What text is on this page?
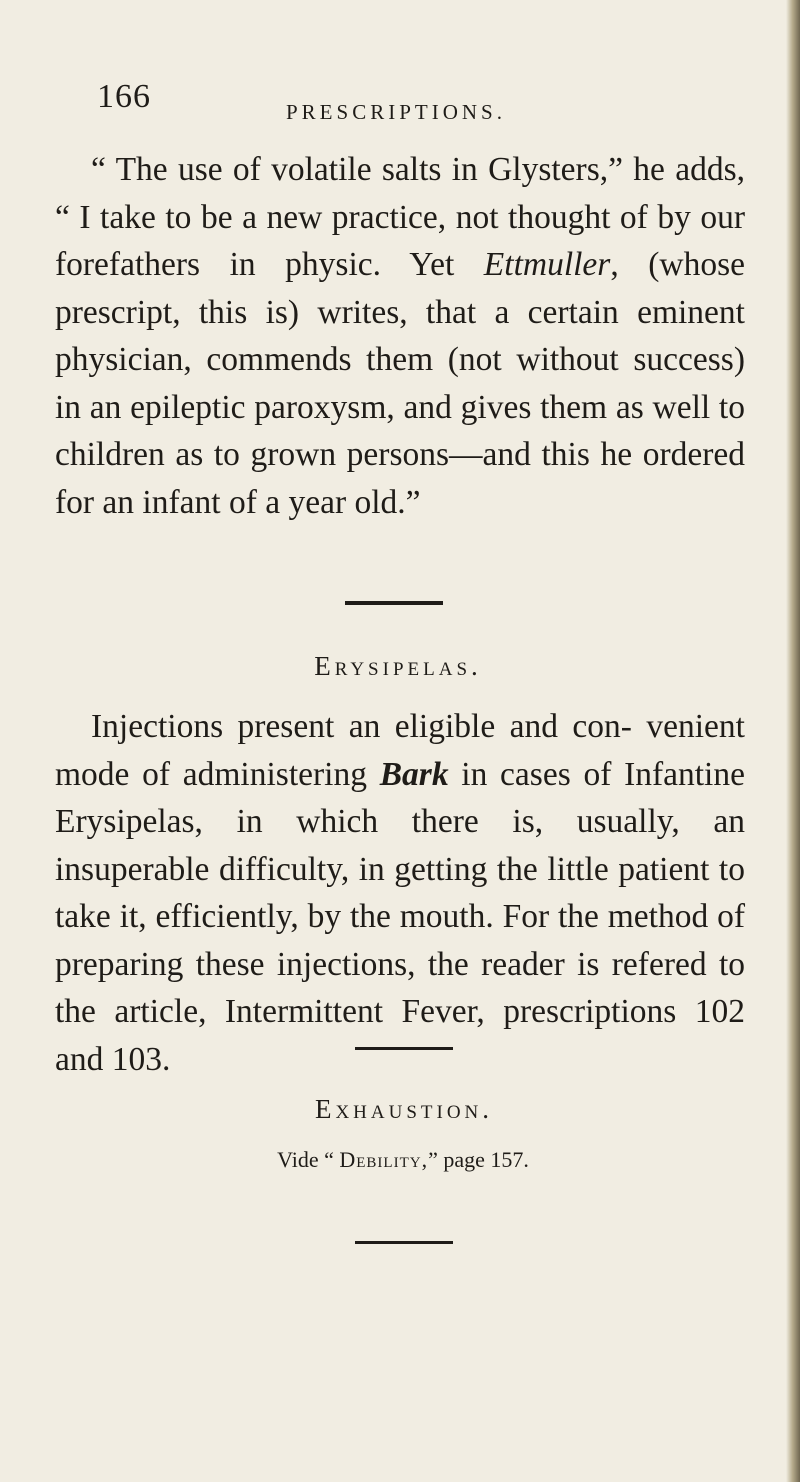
166	PRESCRIPTIONS.

“ The use of volatile salts in Glysters,” he adds, “ I take to be a new practice, not thought of by our forefathers in physic. Yet Ettmuller, (whose prescript, this is) writes, that a certain eminent physician, commends them (not without success) in an epileptic paroxysm, and gives them as well to children as to grown persons—and this he ordered for an infant of a year old.”

Erysipelas.

Injections present an eligible and con- venient mode of administering Bark in cases of Infantine Erysipelas, in which there is, usually, an insuperable difficulty, in getting the little patient to take it, efficiently, by the mouth. For the method of preparing these injections, the reader is refered to the article, Intermittent Fever, prescriptions 102 and 103.

Exhaustion.
Vide “ Debility,” page 157.
